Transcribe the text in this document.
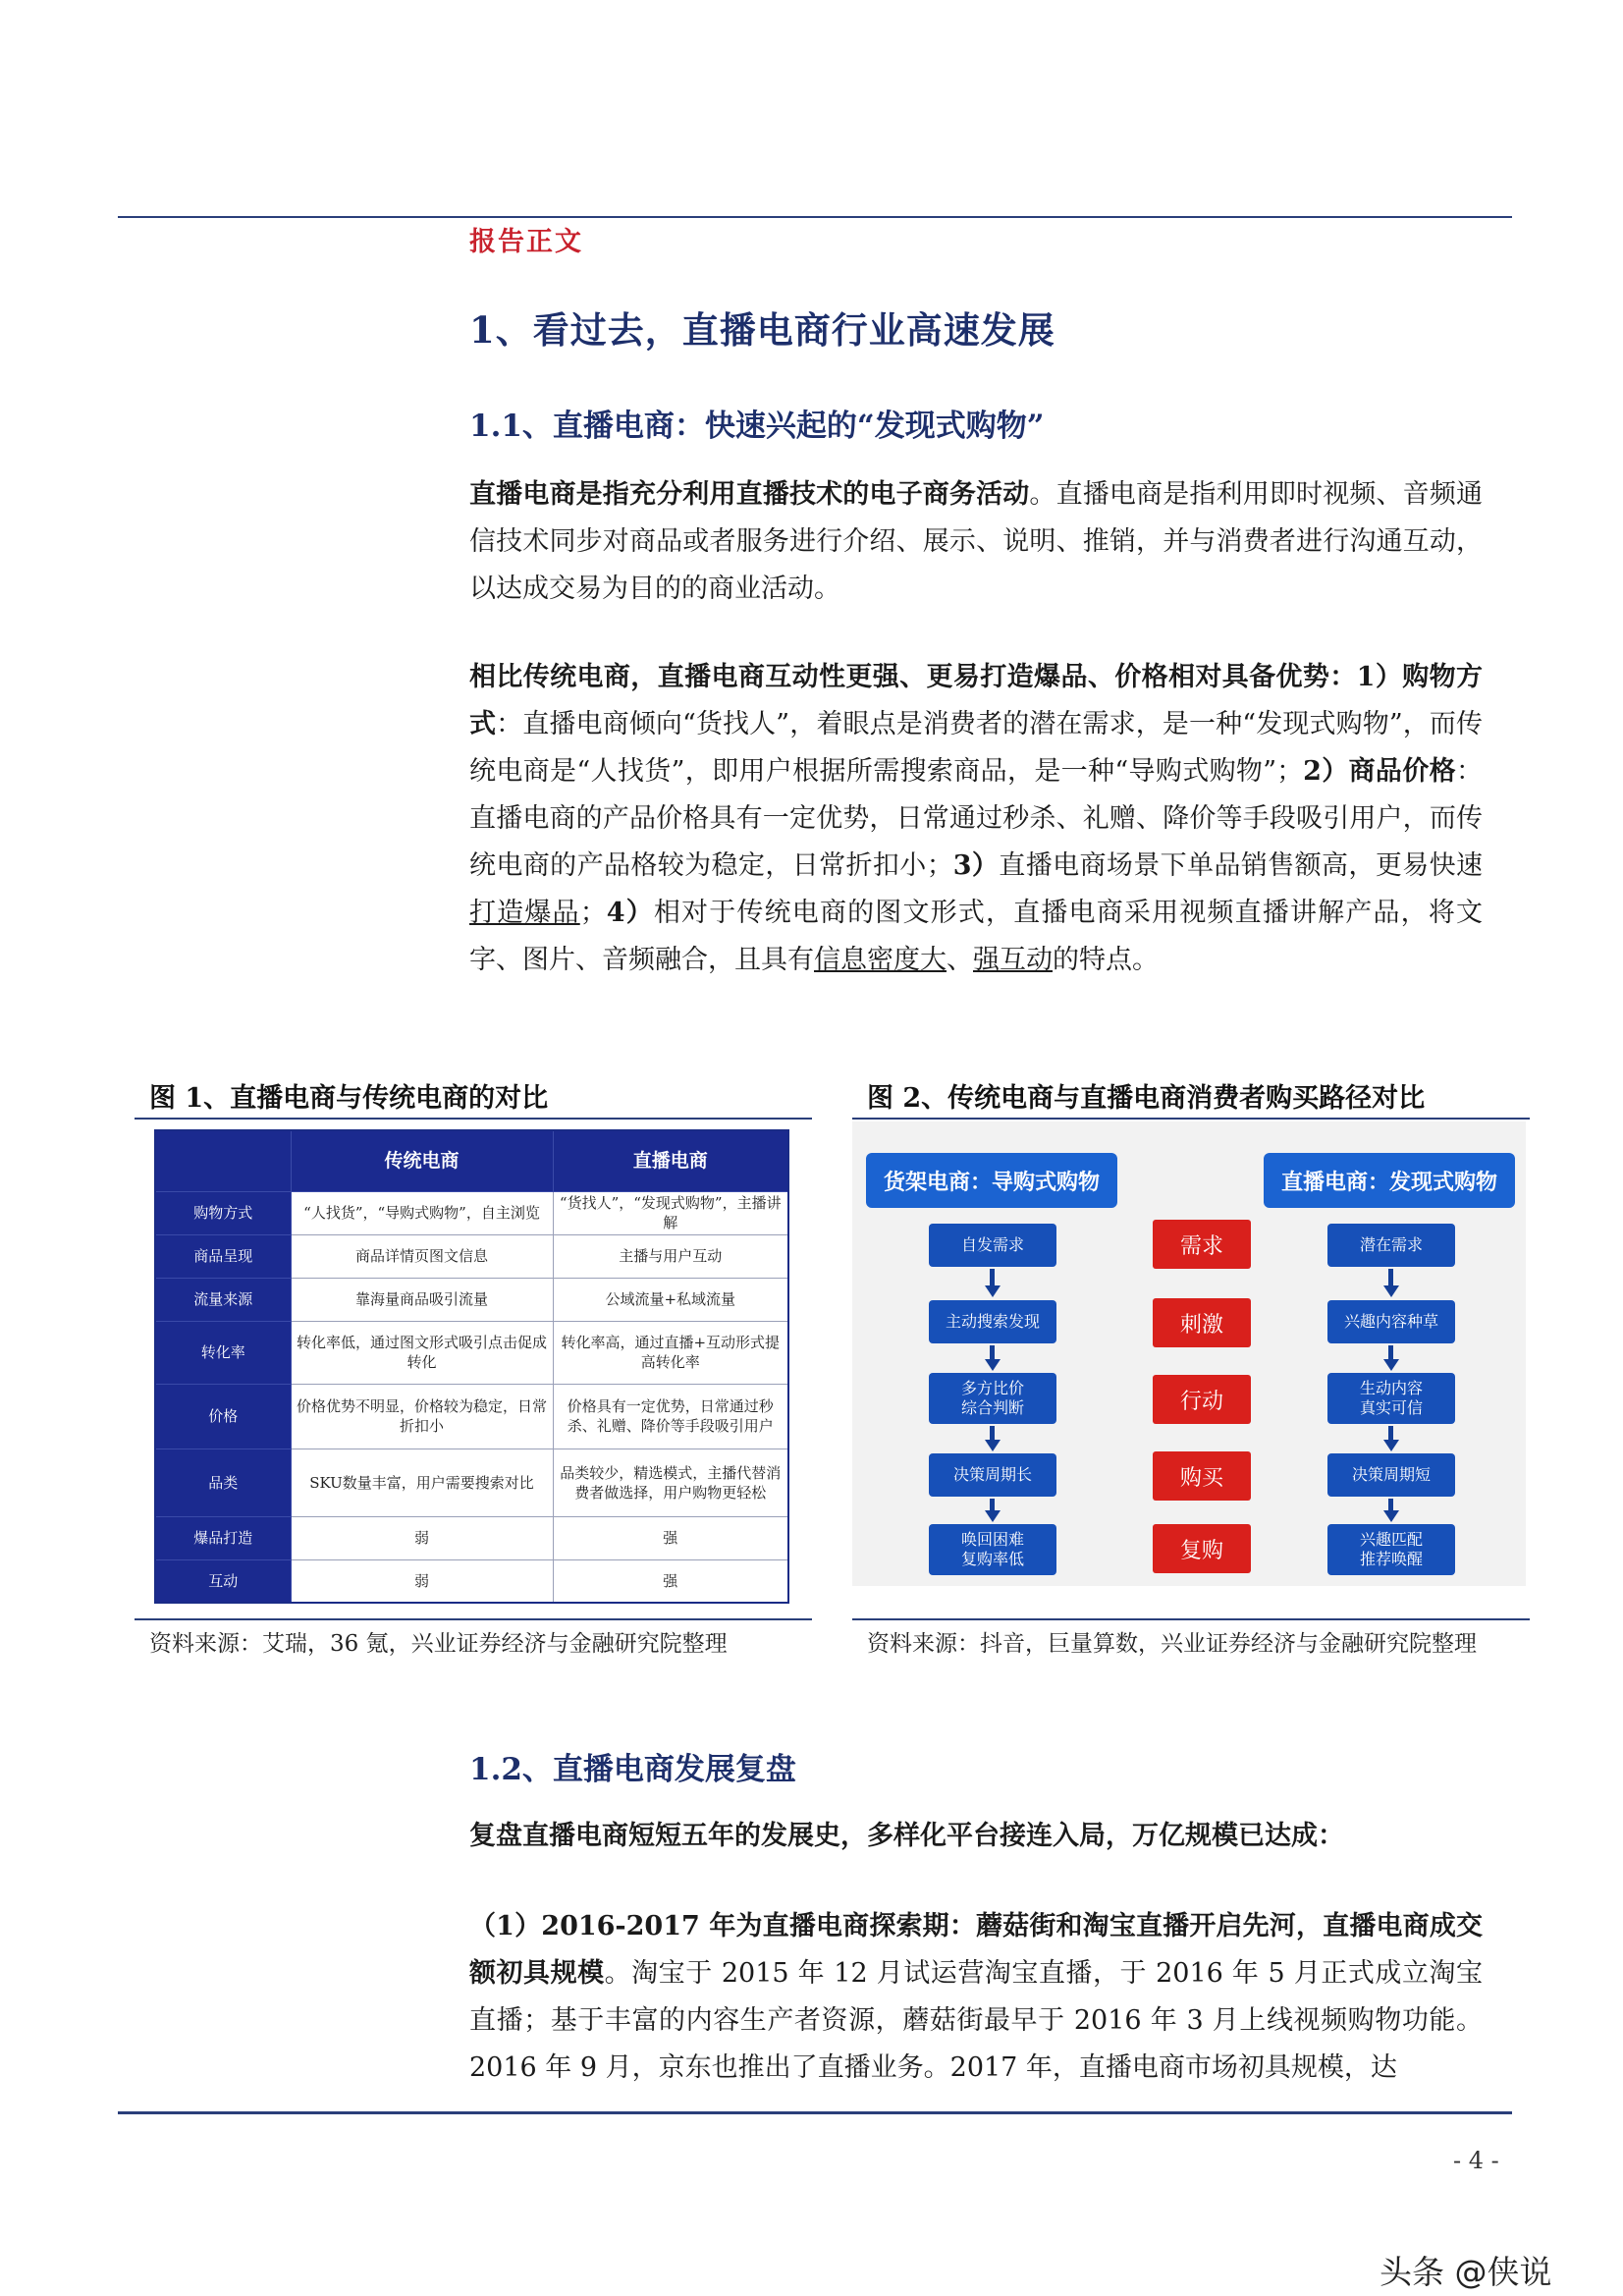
报告正文
1、看过去，直播电商行业高速发展
1.1、直播电商：快速兴起的“发现式购物”
直播电商是指充分利用直播技术的电子商务活动。直播电商是指利用即时视频、音频通信技术同步对商品或者服务进行介绍、展示、说明、推销，并与消费者进行沟通互动，以达成交易为目的的商业活动。
相比传统电商，直播电商互动性更强、更易打造爆品、价格相对具备优势：1）购物方式：直播电商倾向“货找人”，着眼点是消费者的潜在需求，是一种“发现式购物”，而传统电商是“人找货”，即用户根据所需搜索商品，是一种“导购式购物”；2）商品价格：直播电商的产品价格具有一定优势，日常通过秒杀、礼赠、降价等手段吸引用户，而传统电商的产品格较为稳定，日常折扣小；3）直播电商场景下单品销售额高，更易快速打造爆品；4）相对于传统电商的图文形式，直播电商采用视频直播讲解产品，将文字、图片、音频融合，且具有信息密度大、强互动的特点。
图 1、直播电商与传统电商的对比
	传统电商	直播电商
购物方式	“人找货”，“导购式购物”，自主浏览	“货找人”，“发现式购物”，主播讲解
商品呈现	商品详情页图文信息	主播与用户互动
流量来源	靠海量商品吸引流量	公域流量+私域流量
转化率	转化率低，通过图文形式吸引点击促成转化	转化率高，通过直播+互动形式提高转化率
价格	价格优势不明显，价格较为稳定，日常折扣小	价格具有一定优势，日常通过秒杀、礼赠、降价等手段吸引用户
品类	SKU数量丰富，用户需要搜索对比	品类较少，精选模式，主播代替消费者做选择，用户购物更轻松
爆品打造	弱	强
互动	弱	强
资料来源：艾瑞，36 氪，兴业证券经济与金融研究院整理
图 2、传统电商与直播电商消费者购买路径对比
货架电商：导购式购物	直播电商：发现式购物
自发需求
主动搜索发现
多方比价
综合判断
决策周期长
唤回困难
复购率低
需求
刺激
行动
购买
复购
潜在需求
兴趣内容种草
生动内容
真实可信
决策周期短
兴趣匹配
推荐唤醒
资料来源：抖音，巨量算数，兴业证券经济与金融研究院整理
1.2、直播电商发展复盘
复盘直播电商短短五年的发展史，多样化平台接连入局，万亿规模已达成：
（1）2016-2017 年为直播电商探索期：蘑菇街和淘宝直播开启先河，直播电商成交额初具规模。淘宝于 2015 年 12 月试运营淘宝直播，于 2016 年 5 月正式成立淘宝直播；基于丰富的内容生产者资源，蘑菇街最早于 2016 年 3 月上线视频购物功能。2016 年 9 月，京东也推出了直播业务。2017 年，直播电商市场初具规模，达
- 4 -
头条 @侠说
